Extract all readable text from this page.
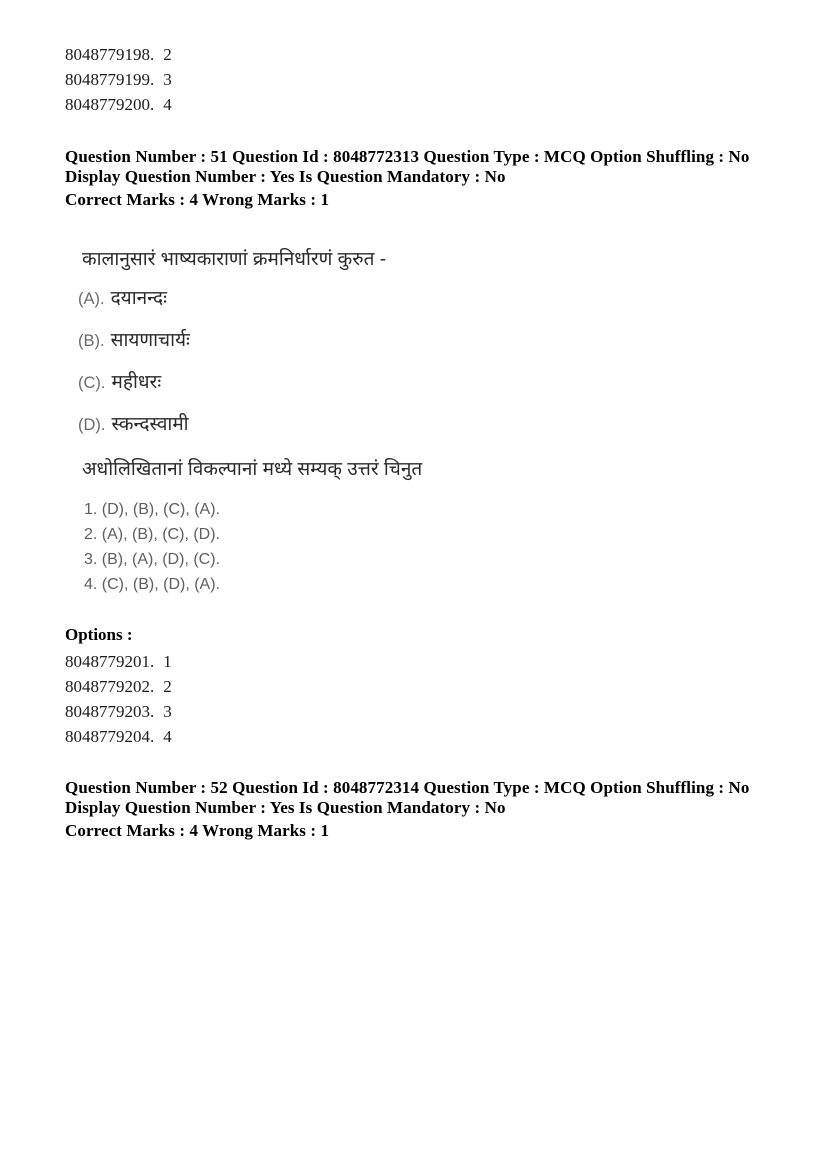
8048779198. 2
8048779199. 3
8048779200. 4
Question Number : 51 Question Id : 8048772313 Question Type : MCQ Option Shuffling : No
Display Question Number : Yes Is Question Mandatory : No
Correct Marks : 4 Wrong Marks : 1
कालानुसारं भाष्यकाराणां क्रमनिर्धारणं कुरुत -
(A). दयानन्दः
(B). सायणाचार्यः
(C). महीधरः
(D). स्कन्दस्वामी
अधोलिखितानां विकल्पानां मध्ये सम्यक् उत्तरं चिनुत
1. (D), (B), (C), (A).
2. (A), (B), (C), (D).
3. (B), (A), (D), (C).
4. (C), (B), (D), (A).
Options :
8048779201. 1
8048779202. 2
8048779203. 3
8048779204. 4
Question Number : 52 Question Id : 8048772314 Question Type : MCQ Option Shuffling : No
Display Question Number : Yes Is Question Mandatory : No
Correct Marks : 4 Wrong Marks : 1
